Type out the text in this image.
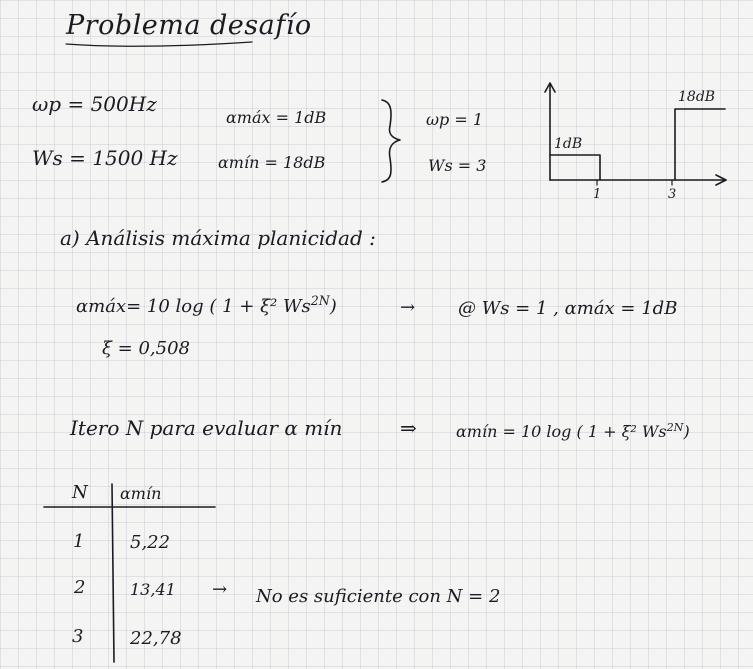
Problema desafío
ωp = 500Hz
Ws = 1500 Hz
αmáx = 1dB
αmín = 18dB
ωp = 1
Ws = 3
1dB
18dB
1	3
a) Análisis máxima planicidad :
αmáx= 10 log ( 1 + ξ² $Ws^{2N}$)	→ @ Ws = 1 , αmáx = 1dB
ξ = 0,508
Itero N para evaluar α mín	⇒ αmín = 10 log ( 1 + ξ² $Ws^{2N}$)
N αmín
1	5,22
2	13,41
3	22,78
→ No es suficiente con N = 2
